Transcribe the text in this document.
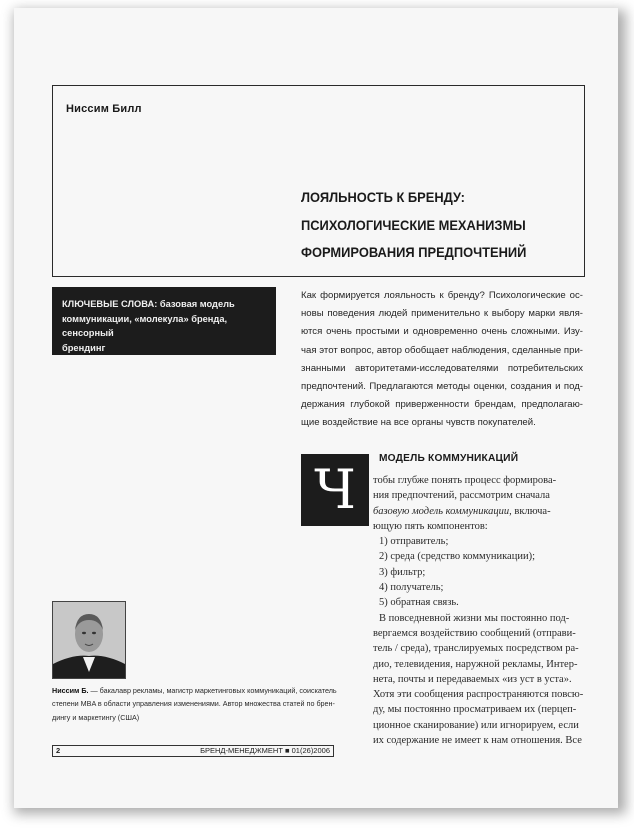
Ниссим Билл
ЛОЯЛЬНОСТЬ К БРЕНДУ:
ПСИХОЛОГИЧЕСКИЕ МЕХАНИЗМЫ
ФОРМИРОВАНИЯ ПРЕДПОЧТЕНИЙ
КЛЮЧЕВЫЕ СЛОВА: базовая модель
коммуникации, «молекула» бренда, сенсорный
брендинг
Как формируется лояльность к бренду? Психологические ос-
новы поведения людей применительно к выбору марки явля-
ются очень простыми и одновременно очень сложными. Изу-
чая этот вопрос, автор обобщает наблюдения, сделанные при-
знанными авторитетами-исследователями потребительских
предпочтений. Предлагаются методы оценки, создания и под-
держания глубокой приверженности брендам, предполагаю-
щие воздействие на все органы чувств покупателей.
Ч	МОДЕЛЬ КОММУНИКАЦИЙ
тобы глубже понять процесс формирова-
ния предпочтений, рассмотрим сначала
базовую модель коммуникации, включа-
ющую пять компонентов:
1) отправитель;
2) среда (средство коммуникации);
3) фильтр;
4) получатель;
5) обратная связь.
В повседневной жизни мы постоянно под-
вергаемся воздействию сообщений (отправи-
тель / среда), транслируемых посредством ра-
дио, телевидения, наружной рекламы, Интер-
нета, почты и передаваемых «из уст в уста».
Хотя эти сообщения распространяются повсю-
ду, мы постоянно просматриваем их (перцеп-
ционное сканирование) или игнорируем, если
их содержание не имеет к нам отношения. Все
Ниссим Б. — бакалавр рекламы, магистр маркетинговых коммуникаций, соискатель
степени MBA в области управления изменениями. Автор множества статей по брен-
дингу и маркетингу (США)
2	БРЕНД-МЕНЕДЖМЕНТ ■ 01(26)2006
